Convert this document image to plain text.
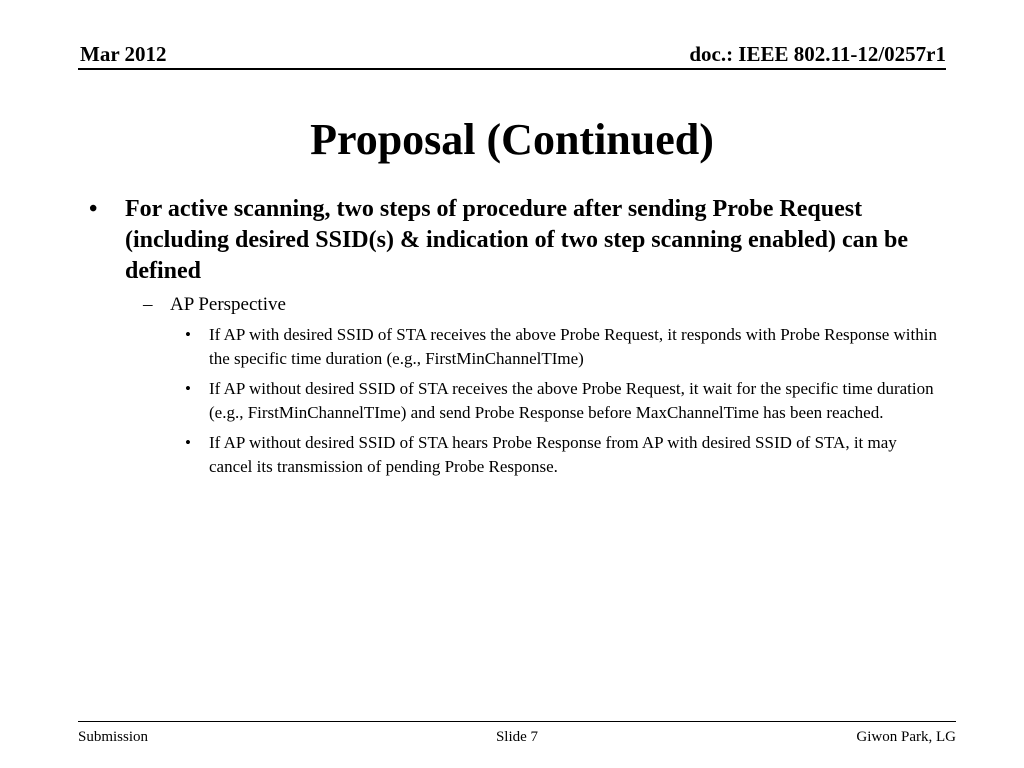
Mar 2012	doc.: IEEE 802.11-12/0257r1
Proposal (Continued)
• For active scanning, two steps of procedure after sending Probe Request (including desired SSID(s) & indication of two step scanning enabled) can be defined
– AP Perspective
• If AP with desired SSID of STA receives the above Probe Request, it responds with Probe Response within the specific time duration (e.g., FirstMinChannelTIme)
• If AP without desired SSID of STA receives the above Probe Request, it wait for the specific time duration (e.g., FirstMinChannelTIme) and send Probe Response before MaxChannelTime has been reached.
• If AP without desired SSID of STA hears Probe Response from AP with desired SSID of STA, it may cancel its transmission of pending Probe Response.
Submission	Slide 7	Giwon Park, LG
